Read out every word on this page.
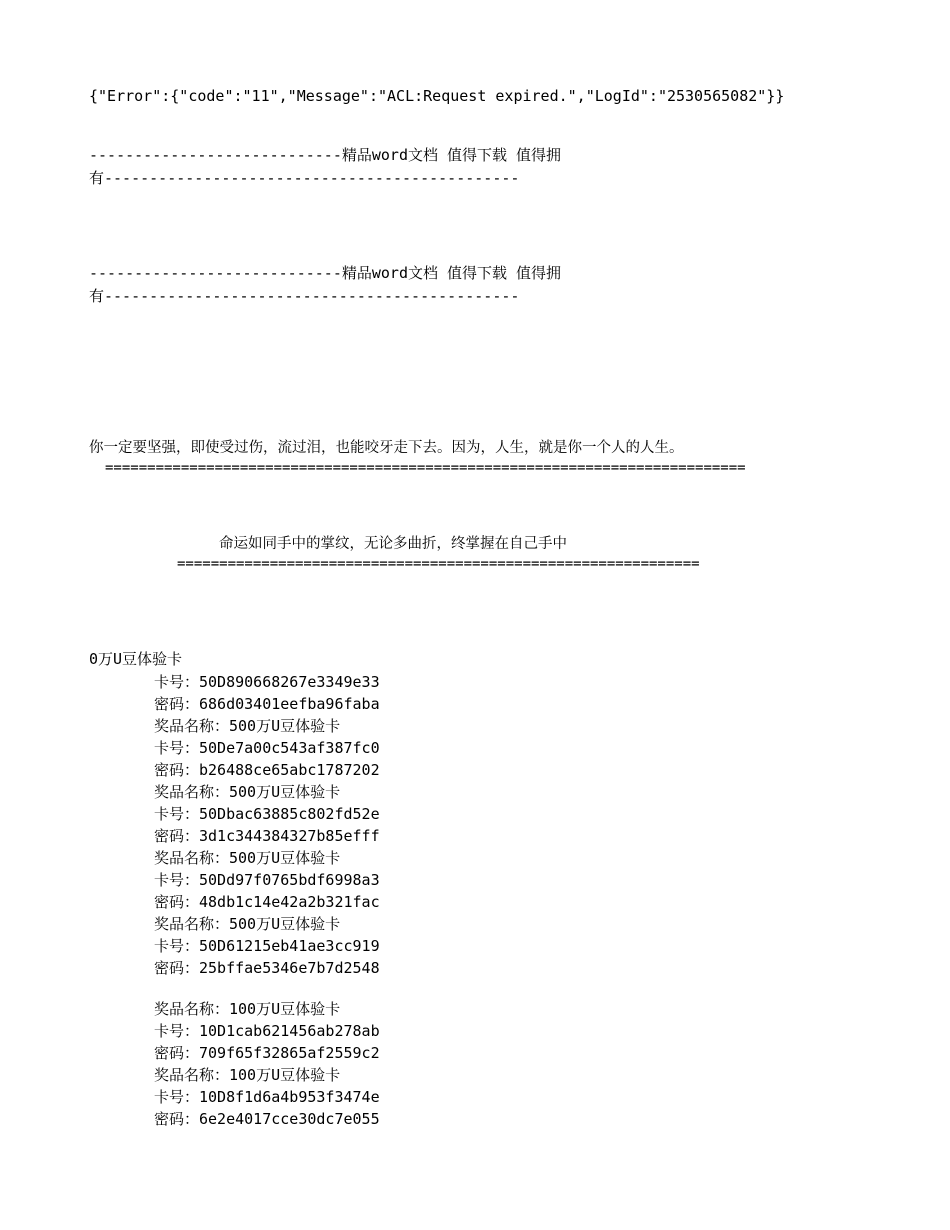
{"Error":{"code":"11","Message":"ACL:Request expired.","LogId":"2530565082"}}
----------------------------精品word文档 值得下载 值得拥
有----------------------------------------------
----------------------------精品word文档 值得下载 值得拥
有----------------------------------------------
你一定要坚强，即使受过伤，流过泪，也能咬牙走下去。因为，人生，就是你一个人的人生。
============================================================================
命运如同手中的掌纹，无论多曲折，终掌握在自己手中
==============================================================
0万U豆体验卡
卡号：50D890668267e3349e33
密码：686d03401eefba96faba
奖品名称：500万U豆体验卡
卡号：50De7a00c543af387fc0
密码：b26488ce65abc1787202
奖品名称：500万U豆体验卡
卡号：50Dbac63885c802fd52e
密码：3d1c344384327b85efff
奖品名称：500万U豆体验卡
卡号：50Dd97f0765bdf6998a3
密码：48db1c14e42a2b321fac
奖品名称：500万U豆体验卡
卡号：50D61215eb41ae3cc919
密码：25bffae5346e7b7d2548
奖品名称：100万U豆体验卡
卡号：10D1cab621456ab278ab
密码：709f65f32865af2559c2
奖品名称：100万U豆体验卡
卡号：10D8f1d6a4b953f3474e
密码：6e2e4017cce30dc7e055
